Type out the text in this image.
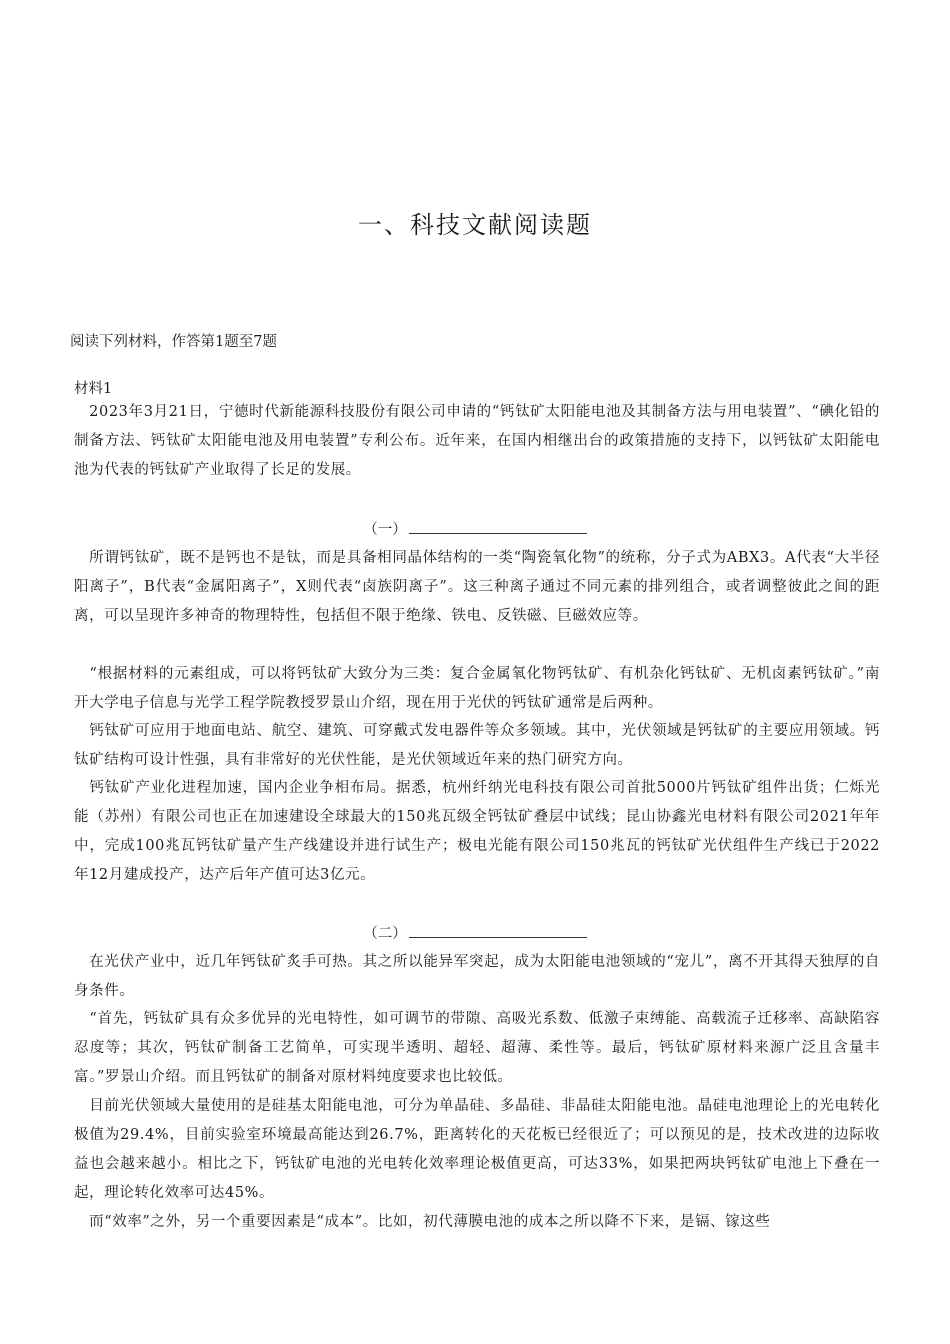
一、科技文献阅读题
阅读下列材料，作答第1题至7题
材料1

　2023年3月21日，宁德时代新能源科技股份有限公司申请的“钙钛矿太阳能电池及其制备方法与用电装置”、“碘化铅的制备方法、钙钛矿太阳能电池及用电装置”专利公布。近年来，在国内相继出台的政策措施的支持下，以钙钛矿太阳能电池为代表的钙钛矿产业取得了长足的发展。

（一）

　所谓钙钛矿，既不是钙也不是钛，而是具备相同晶体结构的一类“陶瓷氧化物”的统称，分子式为ABX3。A代表“大半径阳离子”，B代表“金属阳离子”，X则代表“卤族阴离子”。这三种离子通过不同元素的排列组合，或者调整彼此之间的距离，可以呈现许多神奇的物理特性，包括但不限于绝缘、铁电、反铁磁、巨磁效应等。

　“根据材料的元素组成，可以将钙钛矿大致分为三类：复合金属氧化物钙钛矿、有机杂化钙钛矿、无机卤素钙钛矿。”南开大学电子信息与光学工程学院教授罗景山介绍，现在用于光伏的钙钛矿通常是后两种。

　钙钛矿可应用于地面电站、航空、建筑、可穿戴式发电器件等众多领域。其中，光伏领域是钙钛矿的主要应用领域。钙钛矿结构可设计性强，具有非常好的光伏性能，是光伏领域近年来的热门研究方向。

　钙钛矿产业化进程加速，国内企业争相布局。据悉，杭州纤纳光电科技有限公司首批5000片钙钛矿组件出货；仁烁光能（苏州）有限公司也正在加速建设全球最大的150兆瓦级全钙钛矿叠层中试线；昆山协鑫光电材料有限公司2021年年中，完成100兆瓦钙钛矿量产生产线建设并进行试生产；极电光能有限公司150兆瓦的钙钛矿光伏组件生产线已于2022年12月建成投产，达产后年产值可达3亿元。

（二）

　在光伏产业中，近几年钙钛矿炙手可热。其之所以能异军突起，成为太阳能电池领域的“宠儿”，离不开其得天独厚的自身条件。

　“首先，钙钛矿具有众多优异的光电特性，如可调节的带隙、高吸光系数、低激子束缚能、高载流子迁移率、高缺陷容忍度等；其次，钙钛矿制备工艺简单，可实现半透明、超轻、超薄、柔性等。最后，钙钛矿原材料来源广泛且含量丰富。”罗景山介绍。而且钙钛矿的制备对原材料纯度要求也比较低。

　目前光伏领域大量使用的是硅基太阳能电池，可分为单晶硅、多晶硅、非晶硅太阳能电池。晶硅电池理论上的光电转化极值为29.4%，目前实验室环境最高能达到26.7%，距离转化的天花板已经很近了；可以预见的是，技术改进的边际收益也会越来越小。相比之下，钙钛矿电池的光电转化效率理论极值更高，可达33%，如果把两块钙钛矿电池上下叠在一起，理论转化效率可达45%。

　而“效率”之外，另一个重要因素是“成本”。比如，初代薄膜电池的成本之所以降不下来，是镉、镓这些
